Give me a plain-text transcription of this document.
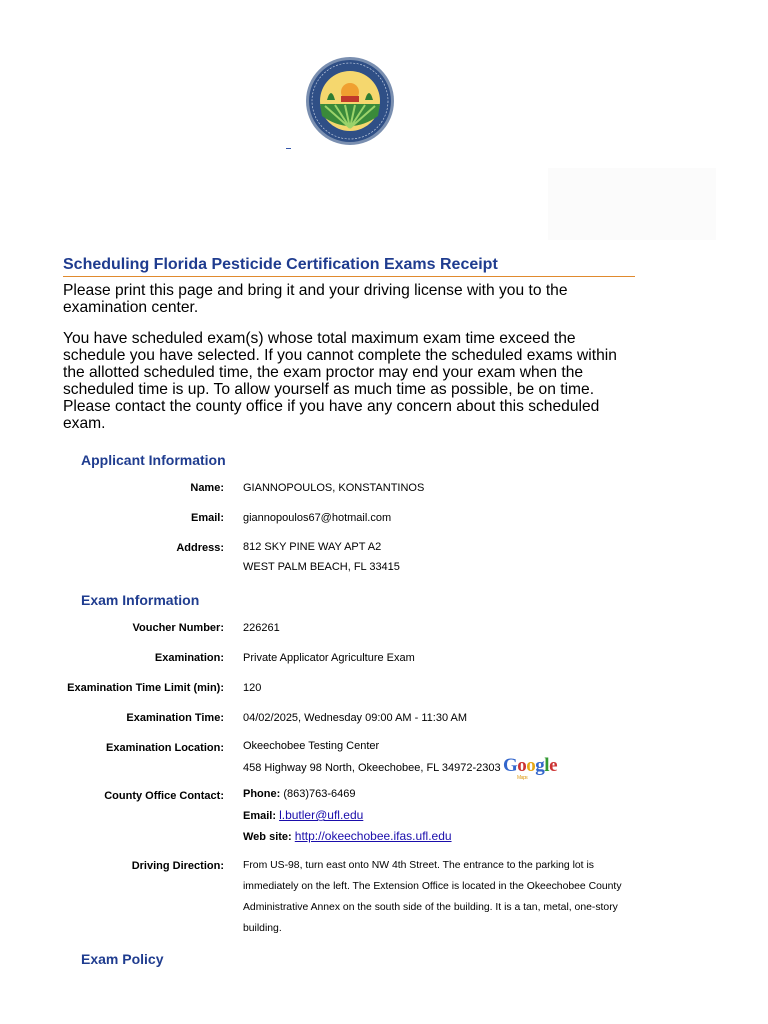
Scheduling Florida Pesticide Certification Exams Receipt

Please print this page and bring it and your driving license with you to the examination center.

You have scheduled exam(s) whose total maximum exam time exceed the schedule you have selected. If you cannot complete the scheduled exams within the allotted scheduled time, the exam proctor may end your exam when the scheduled time is up. To allow yourself as much time as possible, be on time. Please contact the county office if you have any concern about this scheduled exam.

Applicant Information
Name: GIANNOPOULOS, KONSTANTINOS
Email: giannopoulos67@hotmail.com
Address: 812 SKY PINE WAY APT A2
WEST PALM BEACH, FL 33415
Exam Information
Voucher Number: 226261
Examination: Private Applicator Agriculture Exam
Examination Time Limit (min): 120
Examination Time: 04/02/2025, Wednesday 09:00 AM - 11:30 AM
Examination Location: Okeechobee Testing Center
458 Highway 98 North, Okeechobee, FL 34972-2303 Google
Maps
County Office Contact: Phone: (863)763-6469
Email: l.butler@ufl.edu
Web site: http://okeechobee.ifas.ufl.edu
Driving Direction: From US-98, turn east onto NW 4th Street. The entrance to the parking lot is immediately on the left. The Extension Office is located in the Okeechobee County Administrative Annex on the south side of the building. It is a tan, metal, one-story building.
Exam Policy
